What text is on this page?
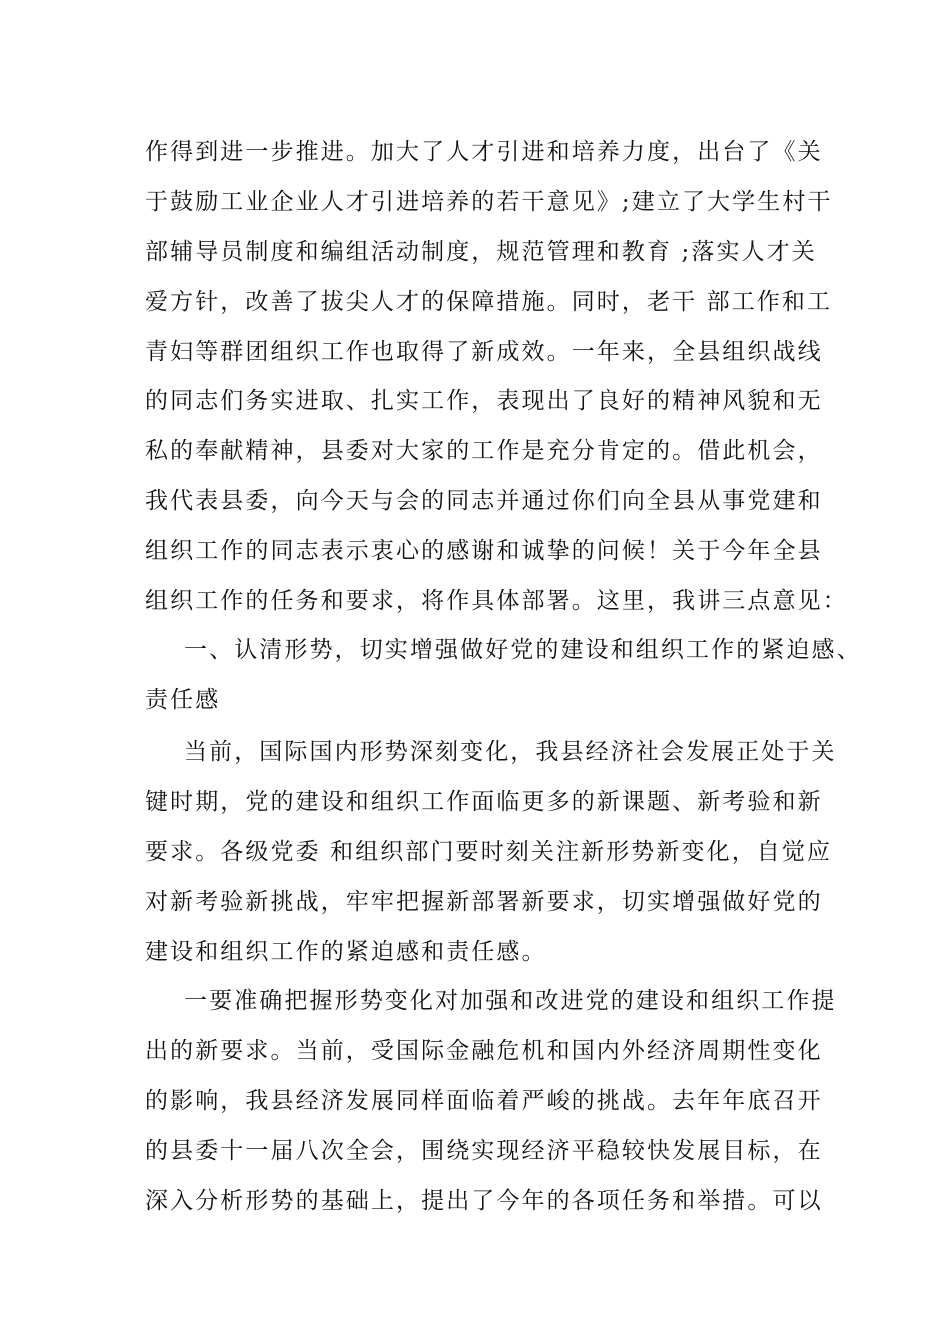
作得到进一步推进。加大了人才引进和培养力度，出台了《关
于鼓励工业企业人才引进培养的若干意见》;建立了大学生村干
部辅导员制度和编组活动制度，规范管理和教育 ;落实人才关
爱方针，改善了拔尖人才的保障措施。同时，老干 部工作和工
青妇等群团组织工作也取得了新成效。一年来，全县组织战线
的同志们务实进取、扎实工作，表现出了良好的精神风貌和无
私的奉献精神，县委对大家的工作是充分肯定的。借此机会，
我代表县委，向今天与会的同志并通过你们向全县从事党建和
组织工作的同志表示衷心的感谢和诚挚的问候！关于今年全县
组织工作的任务和要求，将作具体部署。这里，我讲三点意见：
一、认清形势，切实增强做好党的建设和组织工作的紧迫感、
责任感
当前，国际国内形势深刻变化，我县经济社会发展正处于关
键时期，党的建设和组织工作面临更多的新课题、新考验和新
要求。各级党委 和组织部门要时刻关注新形势新变化，自觉应
对新考验新挑战，牢牢把握新部署新要求，切实增强做好党的
建设和组织工作的紧迫感和责任感。
一要准确把握形势变化对加强和改进党的建设和组织工作提
出的新要求。当前，受国际金融危机和国内外经济周期性变化
的影响，我县经济发展同样面临着严峻的挑战。去年年底召开
的县委十一届八次全会，围绕实现经济平稳较快发展目标，在
深入分析形势的基础上，提出了今年的各项任务和举措。可以
